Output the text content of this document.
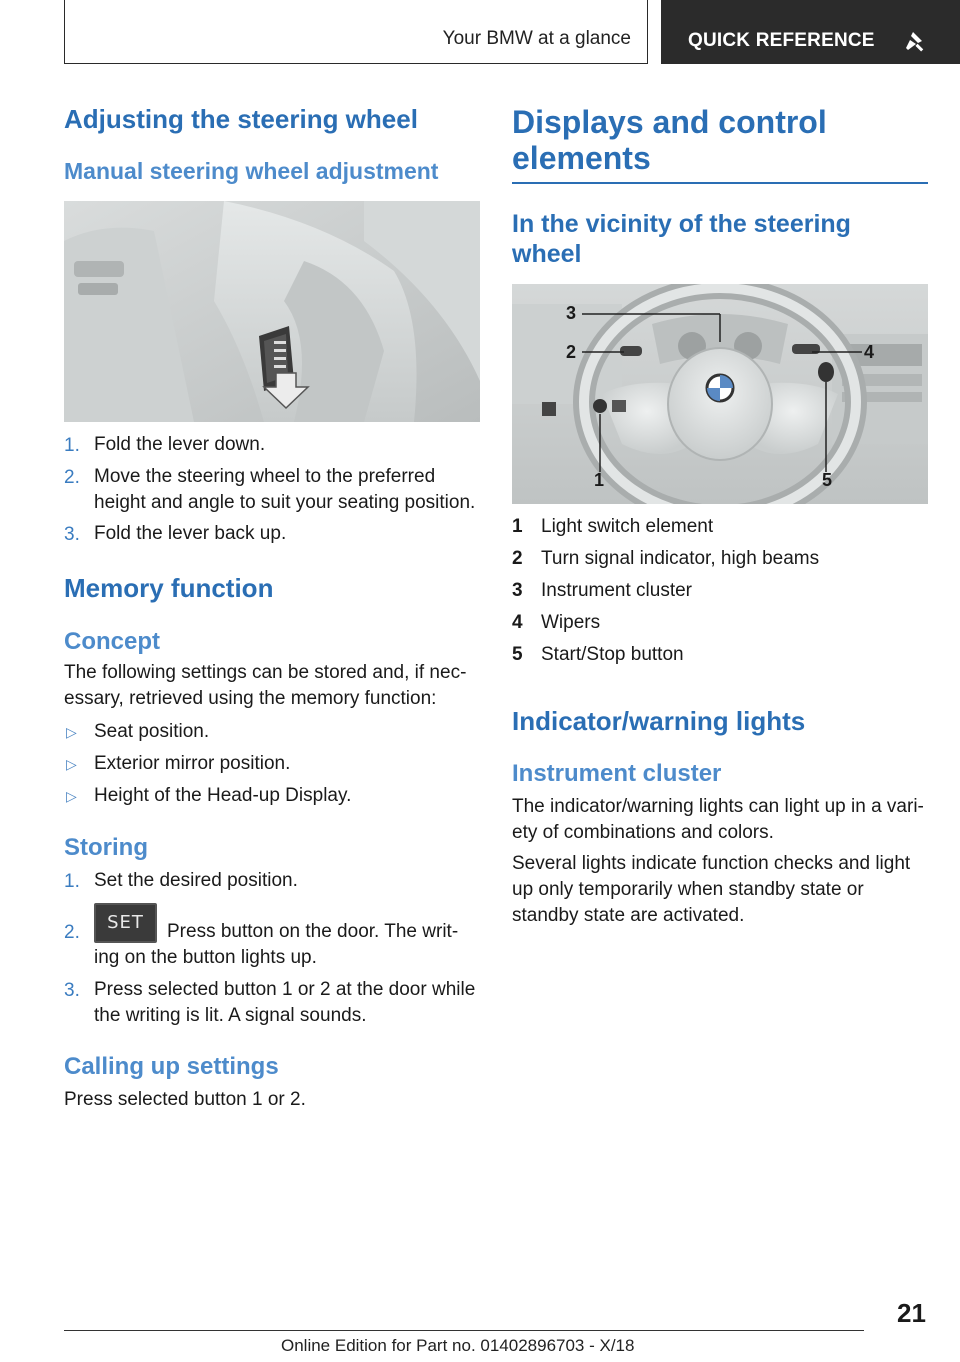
Your BMW at a glance	QUICK REFERENCE
Adjusting the steering wheel
Manual steering wheel adjustment
1. Fold the lever down.
2. Move the steering wheel to the preferred
height and angle to suit your seating position.
3. Fold the lever back up.
Memory function
Concept
The following settings can be stored and, if nec‐
essary, retrieved using the memory function:
▷ Seat position.
▷ Exterior mirror position.
▷ Height of the Head-up Display.
Storing
1. Set the desired position.
2.	SET	Press button on the door. The writ‐
ing on the button lights up.
3. Press selected button 1 or 2 at the door while
the writing is lit. A signal sounds.
Calling up settings
Press selected button 1 or 2.
Displays and control
elements
In the vicinity of the steering
wheel
3
2	4
1	5
1 Light switch element
2 Turn signal indicator, high beams
3 Instrument cluster
4 Wipers
5 Start/Stop button
Indicator/warning lights
Instrument cluster
The indicator/warning lights can light up in a vari‐
ety of combinations and colors.
Several lights indicate function checks and light
up only temporarily when standby state or
standby state are activated.
21
Online Edition for Part no. 01402896703 - X/18
